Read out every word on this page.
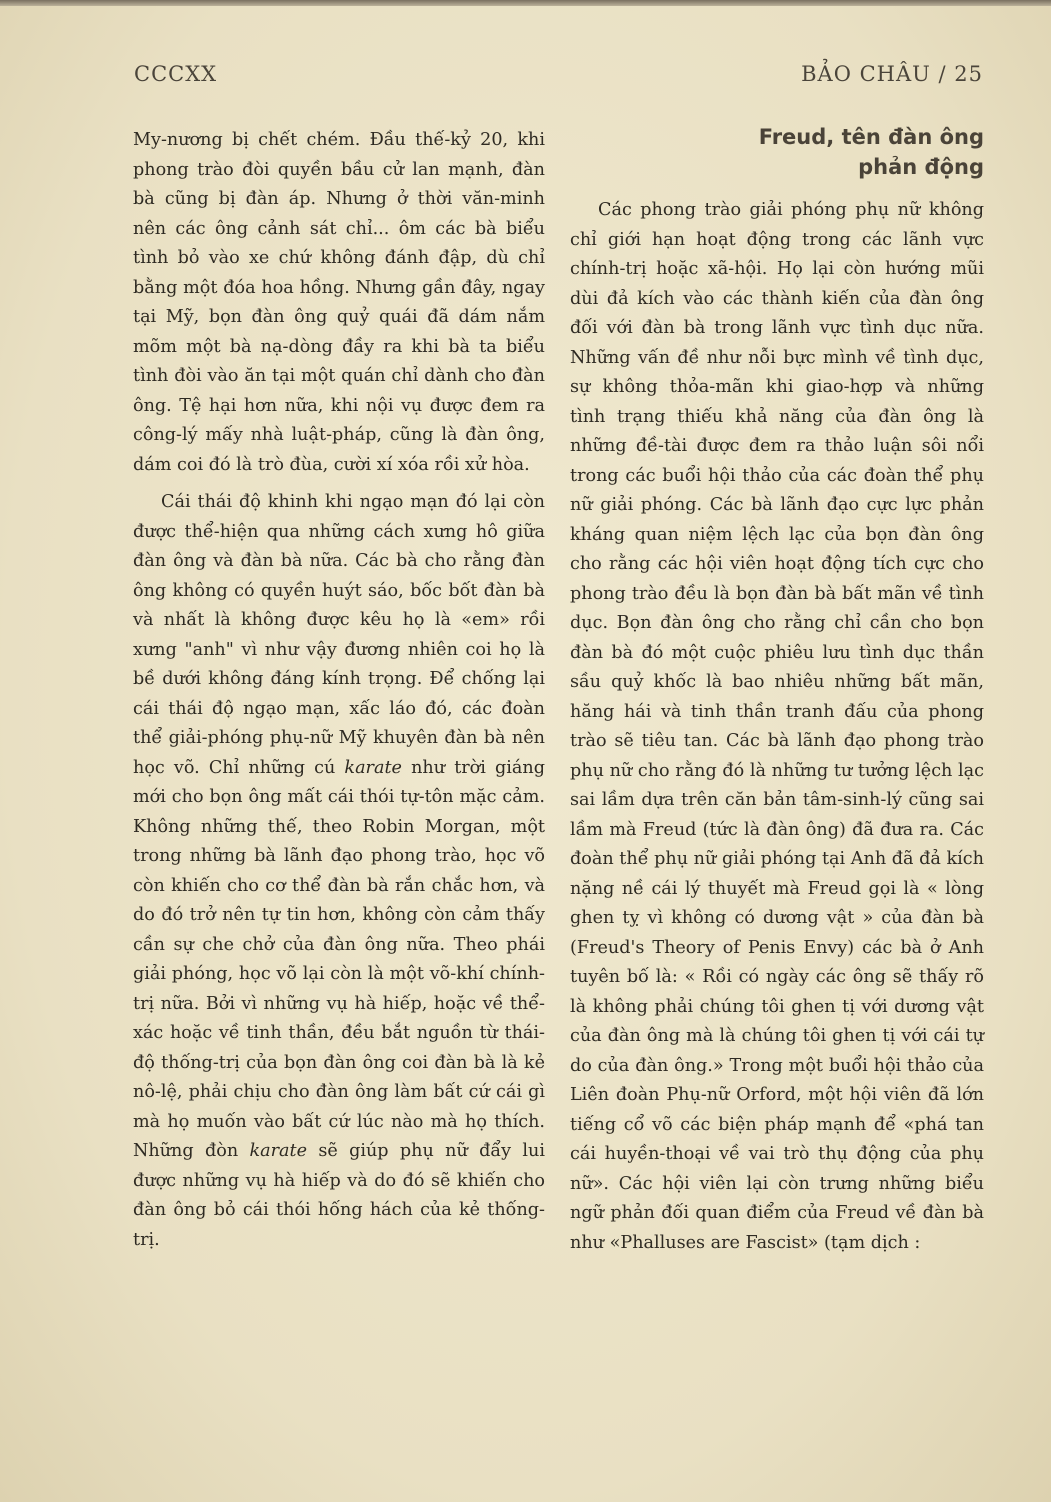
CCCXX	BẢO CHÂU / 25

My-nương bị chết chém. Đầu thế-kỷ 20, khi phong trào đòi quyền bầu cử lan mạnh, đàn bà cũng bị đàn áp. Nhưng ở thời văn-minh nên các ông cảnh sát chỉ... ôm các bà biểu tình bỏ vào xe chứ không đánh đập, dù chỉ bằng một đóa hoa hồng. Nhưng gần đây, ngay tại Mỹ, bọn đàn ông quỷ quái đã dám nắm mõm một bà nạ-dòng đầy ra khi bà ta biểu tình đòi vào ăn tại một quán chỉ dành cho đàn ông. Tệ hại hơn nữa, khi nội vụ được đem ra công-lý mấy nhà luật-pháp, cũng là đàn ông, dám coi đó là trò đùa, cười xí xóa rồi xử hòa.

Cái thái độ khinh khi ngạo mạn đó lại còn được thể-hiện qua những cách xưng hô giữa đàn ông và đàn bà nữa. Các bà cho rằng đàn ông không có quyền huýt sáo, bốc bốt đàn bà và nhất là không được kêu họ là «em» rồi xưng "anh" vì như vậy đương nhiên coi họ là bề dưới không đáng kính trọng. Để chống lại cái thái độ ngạo mạn, xấc láo đó, các đoàn thể giải-phóng phụ-nữ Mỹ khuyên đàn bà nên học võ. Chỉ những cú karate như trời giáng mới cho bọn ông mất cái thói tự-tôn mặc cảm. Không những thế, theo Robin Morgan, một trong những bà lãnh đạo phong trào, học võ còn khiến cho cơ thể đàn bà rắn chắc hơn, và do đó trở nên tự tin hơn, không còn cảm thấy cần sự che chở của đàn ông nữa. Theo phái giải phóng, học võ lại còn là một võ-khí chính-trị nữa. Bởi vì những vụ hà hiếp, hoặc về thể-xác hoặc về tinh thần, đều bắt nguồn từ thái-độ thống-trị của bọn đàn ông coi đàn bà là kẻ nô-lệ, phải chịu cho đàn ông làm bất cứ cái gì mà họ muốn vào bất cứ lúc nào mà họ thích. Những đòn karate sẽ giúp phụ nữ đẩy lui được những vụ hà hiếp và do đó sẽ khiến cho đàn ông bỏ cái thói hống hách của kẻ thống-trị.

Freud, tên đàn ông phản động

Các phong trào giải phóng phụ nữ không chỉ giới hạn hoạt động trong các lãnh vực chính-trị hoặc xã-hội. Họ lại còn hướng mũi dùi đả kích vào các thành kiến của đàn ông đối với đàn bà trong lãnh vực tình dục nữa. Những vấn đề như nỗi bực mình về tình dục, sự không thỏa-mãn khi giao-hợp và những tình trạng thiếu khả năng của đàn ông là những đề-tài được đem ra thảo luận sôi nổi trong các buổi hội thảo của các đoàn thể phụ nữ giải phóng. Các bà lãnh đạo cực lực phản kháng quan niệm lệch lạc của bọn đàn ông cho rằng các hội viên hoạt động tích cực cho phong trào đều là bọn đàn bà bất mãn về tình dục. Bọn đàn ông cho rằng chỉ cần cho bọn đàn bà đó một cuộc phiêu lưu tình dục thần sầu quỷ khốc là bao nhiêu những bất mãn, hăng hái và tinh thần tranh đấu của phong trào sẽ tiêu tan. Các bà lãnh đạo phong trào phụ nữ cho rằng đó là những tư tưởng lệch lạc sai lầm dựa trên căn bản tâm-sinh-lý cũng sai lầm mà Freud (tức là đàn ông) đã đưa ra. Các đoàn thể phụ nữ giải phóng tại Anh đã đả kích nặng nề cái lý thuyết mà Freud gọi là « lòng ghen tỵ vì không có dương vật » của đàn bà (Freud's Theory of Penis Envy) các bà ở Anh tuyên bố là: « Rồi có ngày các ông sẽ thấy rõ là không phải chúng tôi ghen tị với dương vật của đàn ông mà là chúng tôi ghen tị với cái tự do của đàn ông.» Trong một buổi hội thảo của Liên đoàn Phụ-nữ Orford, một hội viên đã lớn tiếng cổ võ các biện pháp mạnh để «phá tan cái huyền-thoại về vai trò thụ động của phụ nữ». Các hội viên lại còn trưng những biểu ngữ phản đối quan điểm của Freud về đàn bà như «Phalluses are Fascist» (tạm dịch :
